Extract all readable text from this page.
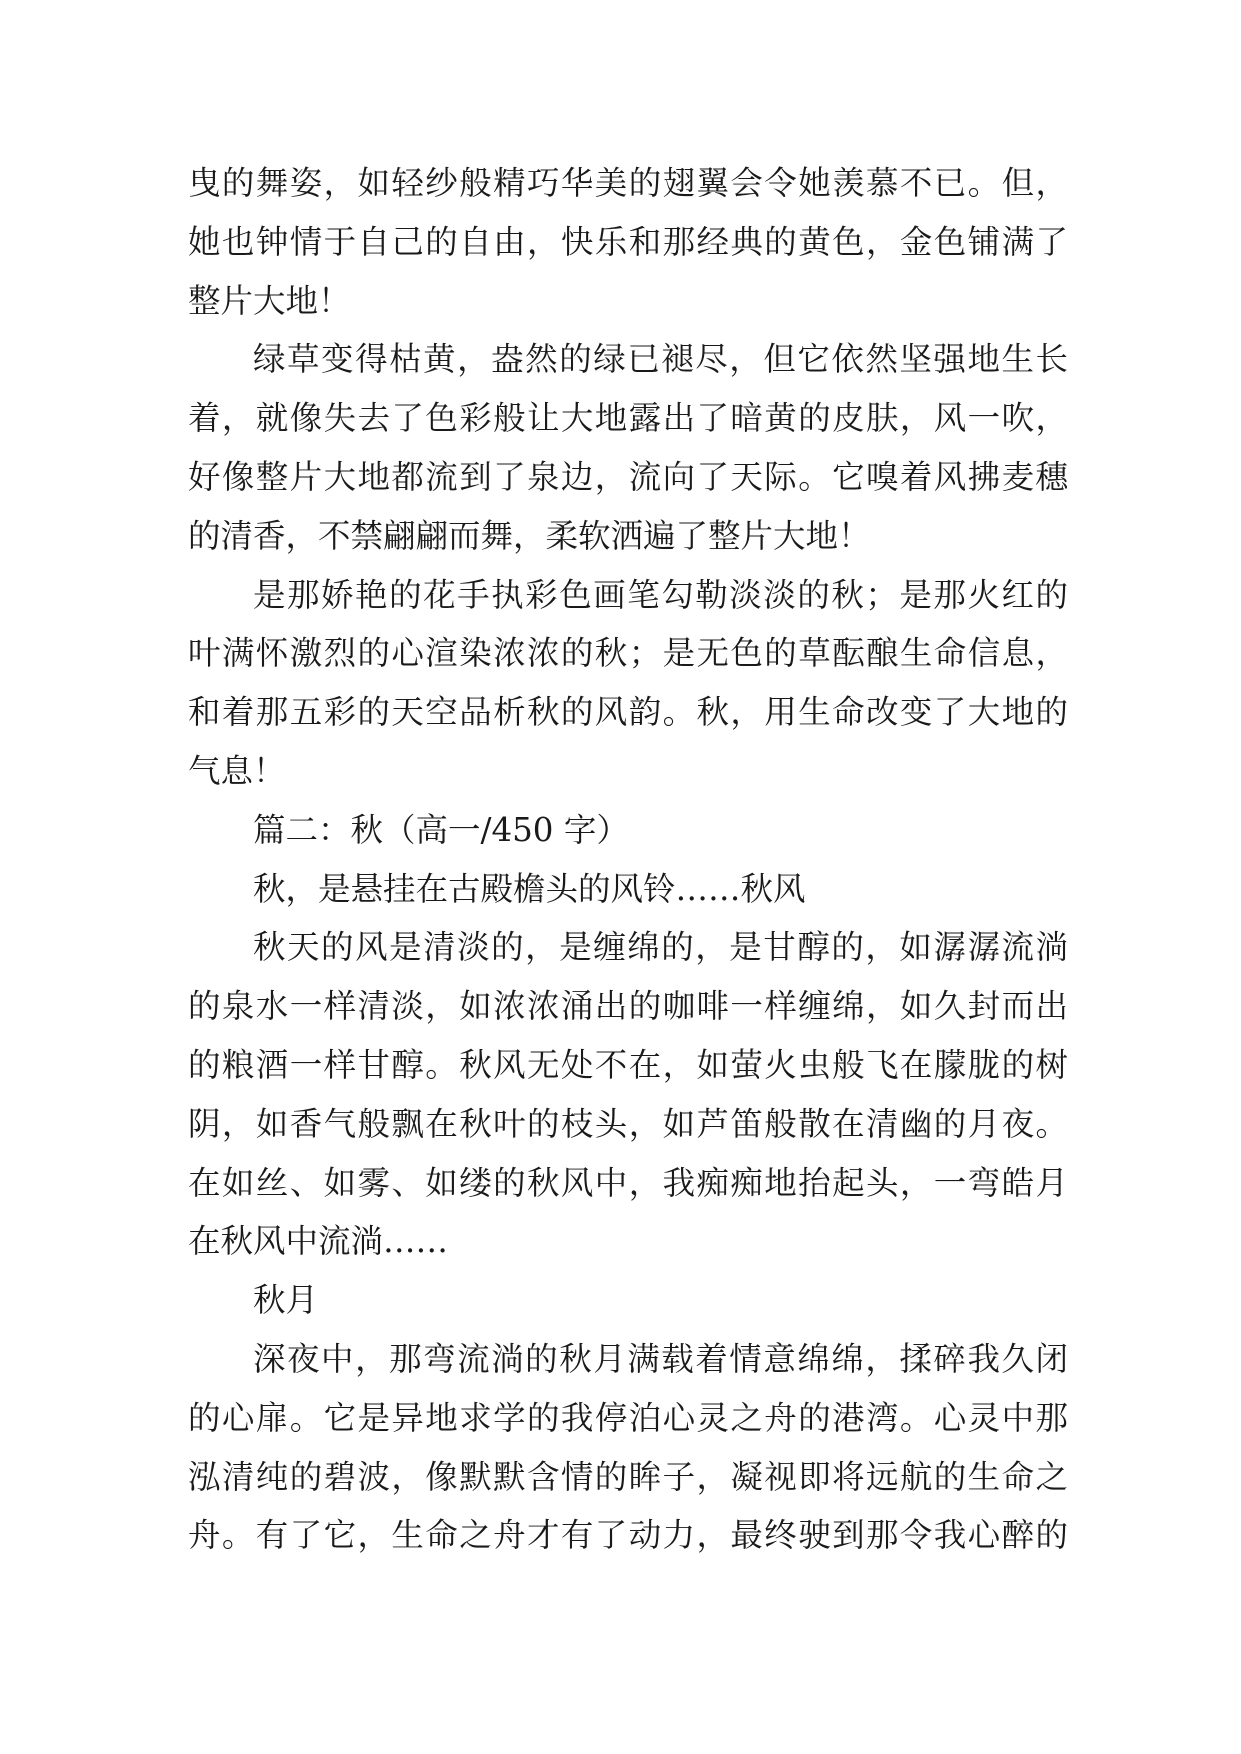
曳的舞姿，如轻纱般精巧华美的翅翼会令她羡慕不已。但，
她也钟情于自己的自由，快乐和那经典的黄色，金色铺满了
整片大地！
绿草变得枯黄，盎然的绿已褪尽，但它依然坚强地生长
着，就像失去了色彩般让大地露出了暗黄的皮肤，风一吹，
好像整片大地都流到了泉边，流向了天际。它嗅着风拂麦穗
的清香，不禁翩翩而舞，柔软洒遍了整片大地！
是那娇艳的花手执彩色画笔勾勒淡淡的秋；是那火红的
叶满怀激烈的心渲染浓浓的秋；是无色的草酝酿生命信息，
和着那五彩的天空品析秋的风韵。秋，用生命改变了大地的
气息！
篇二：秋（高一/450 字）
秋，是悬挂在古殿檐头的风铃……秋风
秋天的风是清淡的，是缠绵的，是甘醇的，如潺潺流淌
的泉水一样清淡，如浓浓涌出的咖啡一样缠绵，如久封而出
的粮酒一样甘醇。秋风无处不在，如萤火虫般飞在朦胧的树
阴，如香气般飘在秋叶的枝头，如芦笛般散在清幽的月夜。
在如丝、如雾、如缕的秋风中，我痴痴地抬起头，一弯皓月
在秋风中流淌……
秋月
深夜中，那弯流淌的秋月满载着情意绵绵，揉碎我久闭
的心扉。它是异地求学的我停泊心灵之舟的港湾。心灵中那
泓清纯的碧波，像默默含情的眸子，凝视即将远航的生命之
舟。有了它，生命之舟才有了动力，最终驶到那令我心醉的
